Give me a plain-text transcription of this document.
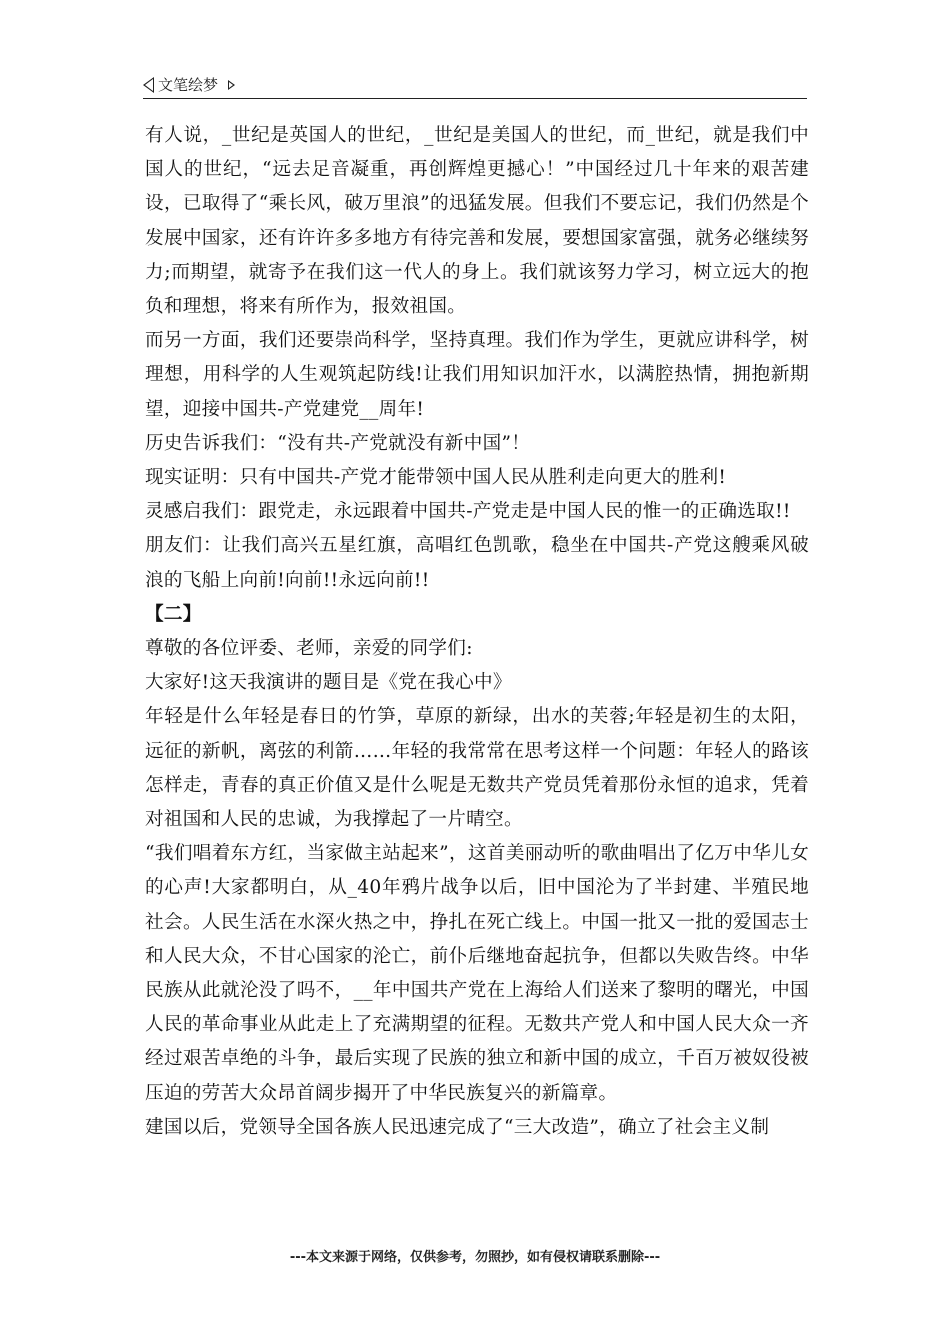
文笔绘梦

有人说，_世纪是英国人的世纪，_世纪是美国人的世纪，而_世纪，就是我们中国人的世纪，“远去足音凝重，再创辉煌更撼心！”中国经过几十年来的艰苦建设，已取得了“乘长风，破万里浪”的迅猛发展。但我们不要忘记，我们仍然是个发展中国家，还有许许多多地方有待完善和发展，要想国家富强，就务必继续努力;而期望，就寄予在我们这一代人的身上。我们就该努力学习，树立远大的抱负和理想，将来有所作为，报效祖国。

而另一方面，我们还要崇尚科学，坚持真理。我们作为学生，更就应讲科学，树理想，用科学的人生观筑起防线!让我们用知识加汗水，以满腔热情，拥抱新期望，迎接中国共-产党建党__周年!

历史告诉我们：“没有共-产党就没有新中国”！

现实证明：只有中国共-产党才能带领中国人民从胜利走向更大的胜利!

灵感启我们：跟党走，永远跟着中国共-产党走是中国人民的惟一的正确选取!!

朋友们：让我们高兴五星红旗，高唱红色凯歌，稳坐在中国共-产党这艘乘风破浪的飞船上向前!向前!!永远向前!!

【二】

尊敬的各位评委、老师，亲爱的同学们:

大家好!这天我演讲的题目是《党在我心中》

年轻是什么年轻是春日的竹笋，草原的新绿，出水的芙蓉;年轻是初生的太阳，远征的新帆，离弦的利箭……年轻的我常常在思考这样一个问题：年轻人的路该怎样走，青春的真正价值又是什么呢是无数共产党员凭着那份永恒的追求，凭着对祖国和人民的忠诚，为我撑起了一片晴空。

“我们唱着东方红，当家做主站起来”，这首美丽动听的歌曲唱出了亿万中华儿女的心声!大家都明白，从_40年鸦片战争以后，旧中国沦为了半封建、半殖民地社会。人民生活在水深火热之中，挣扎在死亡线上。中国一批又一批的爱国志士和人民大众，不甘心国家的沦亡，前仆后继地奋起抗争，但都以失败告终。中华民族从此就沦没了吗不，__年中国共产党在上海给人们送来了黎明的曙光，中国人民的革命事业从此走上了充满期望的征程。无数共产党人和中国人民大众一齐经过艰苦卓绝的斗争，最后实现了民族的独立和新中国的成立，千百万被奴役被压迫的劳苦大众昂首阔步揭开了中华民族复兴的新篇章。

建国以后，党领导全国各族人民迅速完成了“三大改造”，确立了社会主义制

---本文来源于网络，仅供参考，勿照抄，如有侵权请联系删除---
